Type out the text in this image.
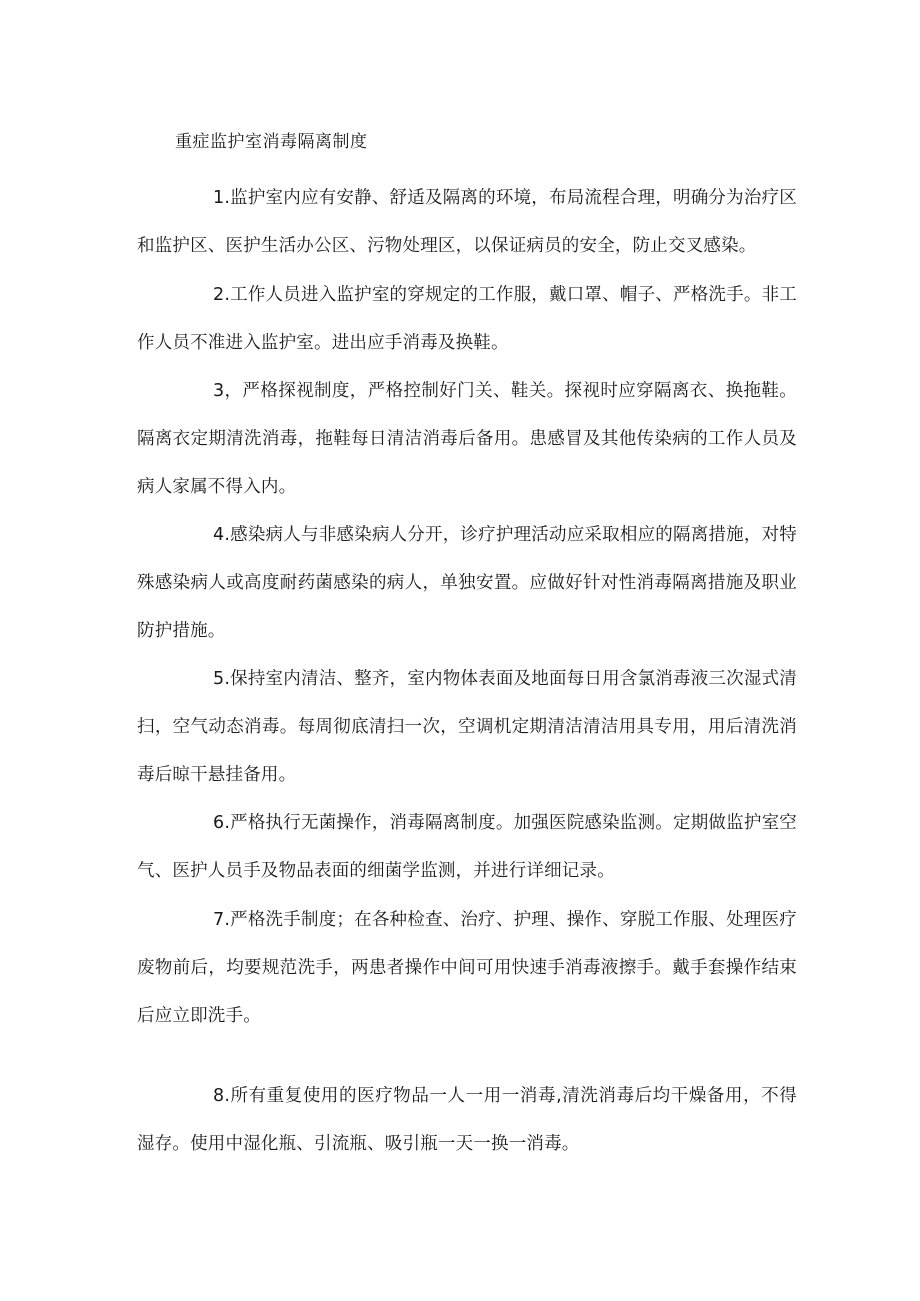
重症监护室消毒隔离制度

1.监护室内应有安静、舒适及隔离的环境，布局流程合理，明确分为治疗区和监护区、医护生活办公区、污物处理区，以保证病员的安全，防止交叉感染。

2.工作人员进入监护室的穿规定的工作服，戴口罩、帽子、严格洗手。非工作人员不准进入监护室。进出应手消毒及换鞋。

3，严格探视制度，严格控制好门关、鞋关。探视时应穿隔离衣、换拖鞋。隔离衣定期清洗消毒，拖鞋每日清洁消毒后备用。患感冒及其他传染病的工作人员及病人家属不得入内。

4.感染病人与非感染病人分开，诊疗护理活动应采取相应的隔离措施，对特殊感染病人或高度耐药菌感染的病人，单独安置。应做好针对性消毒隔离措施及职业防护措施。

5.保持室内清洁、整齐，室内物体表面及地面每日用含氯消毒液三次湿式清扫，空气动态消毒。每周彻底清扫一次，空调机定期清洁清洁用具专用，用后清洗消毒后晾干悬挂备用。

6.严格执行无菌操作，消毒隔离制度。加强医院感染监测。定期做监护室空气、医护人员手及物品表面的细菌学监测，并进行详细记录。

7.严格洗手制度；在各种检查、治疗、护理、操作、穿脱工作服、处理医疗废物前后，均要规范洗手，两患者操作中间可用快速手消毒液擦手。戴手套操作结束后应立即洗手。

8.所有重复使用的医疗物品一人一用一消毒,清洗消毒后均干燥备用，不得湿存。使用中湿化瓶、引流瓶、吸引瓶一天一换一消毒。
